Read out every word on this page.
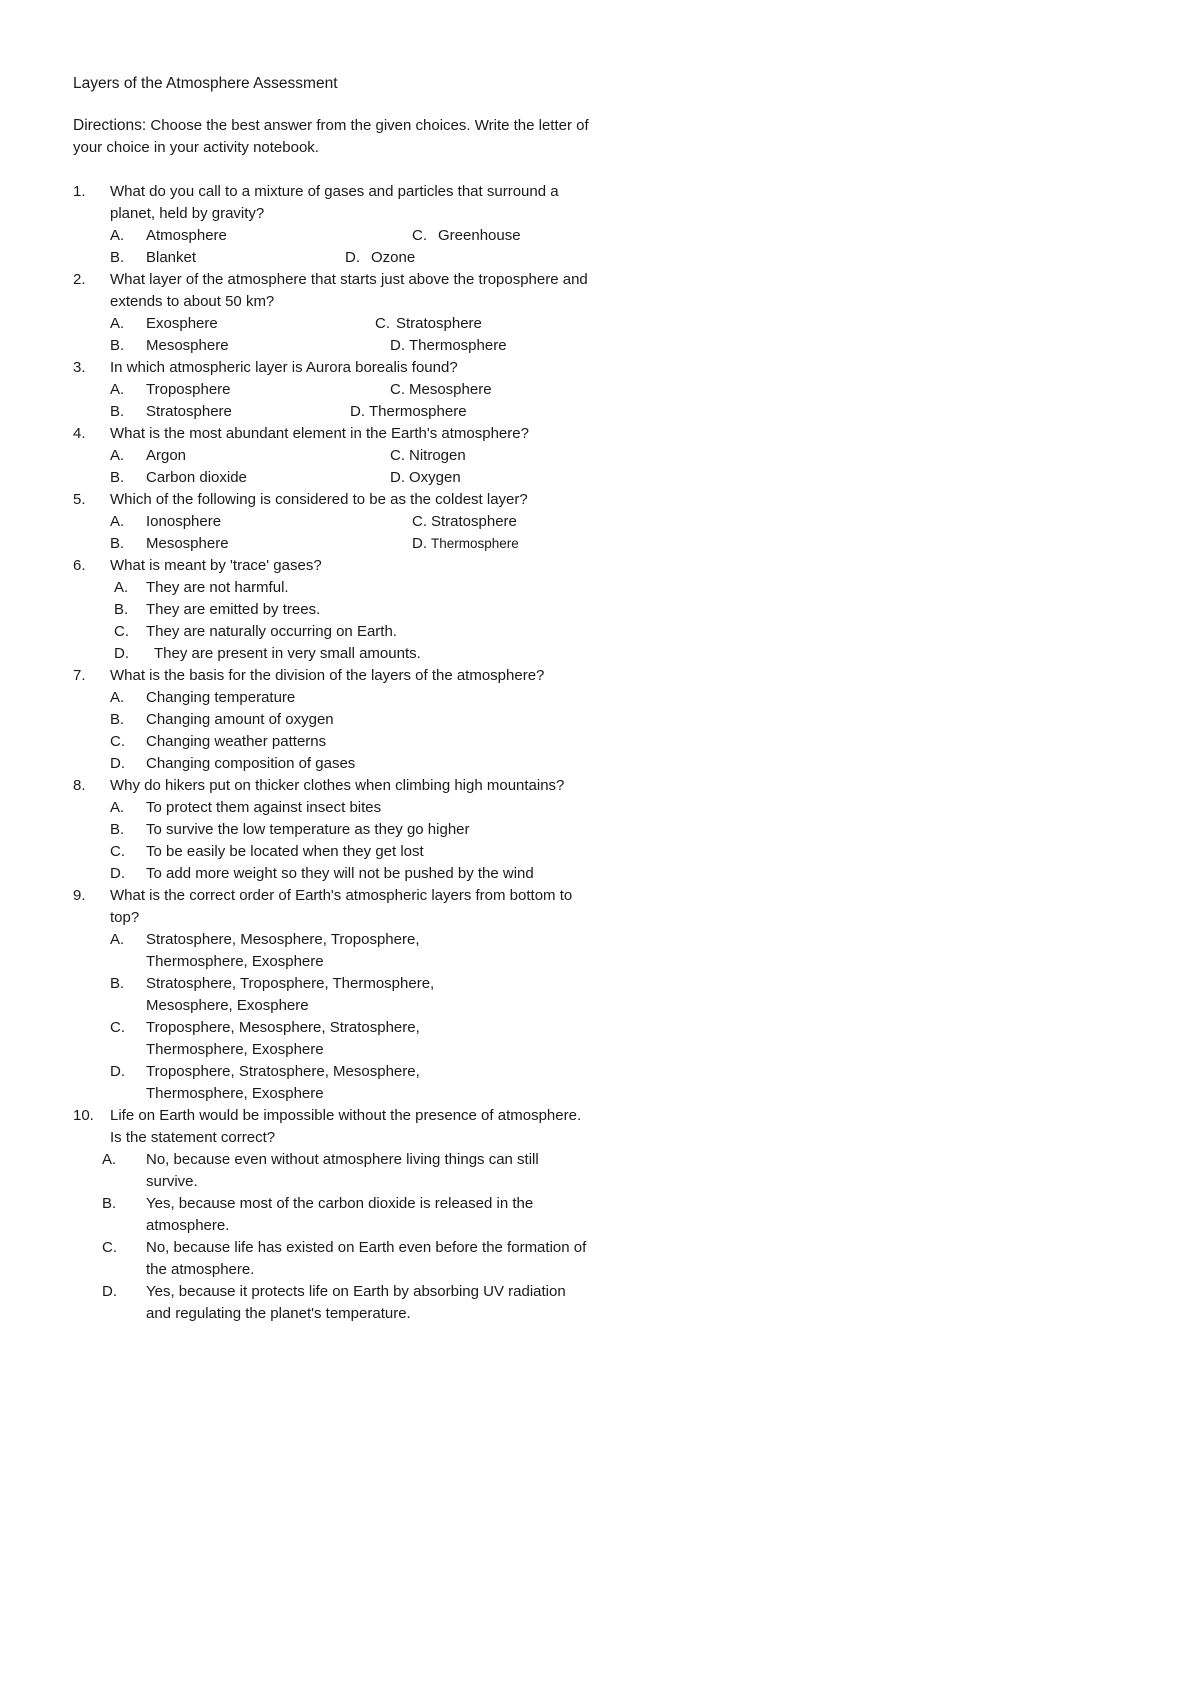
Layers of the Atmosphere Assessment
Directions: Choose the best answer from the given choices. Write the letter of your choice in your activity notebook.
1. What do you call to a mixture of gases and particles that surround a planet, held by gravity?
A. Atmosphere	C. Greenhouse
B. Blanket	D. Ozone
2. What layer of the atmosphere that starts just above the troposphere and extends to about 50 km?
A. Exosphere	C. Stratosphere
B. Mesosphere	D. Thermosphere
3. In which atmospheric layer is Aurora borealis found?
A. Troposphere	C. Mesosphere
B. Stratosphere	D. Thermosphere
4. What is the most abundant element in the Earth's atmosphere?
A. Argon	C. Nitrogen
B. Carbon dioxide	D. Oxygen
5. Which of the following is considered to be as the coldest layer?
A. Ionosphere	C. Stratosphere
B. Mesosphere	D. Thermosphere
6. What is meant by 'trace' gases?
A. They are not harmful.
B. They are emitted by trees.
C. They are naturally occurring on Earth.
D. They are present in very small amounts.
7. What is the basis for the division of the layers of the atmosphere?
A. Changing temperature
B. Changing amount of oxygen
C. Changing weather patterns
D. Changing composition of gases
8. Why do hikers put on thicker clothes when climbing high mountains?
A. To protect them against insect bites
B. To survive the low temperature as they go higher
C. To be easily be located when they get lost
D. To add more weight so they will not be pushed by the wind
9. What is the correct order of Earth's atmospheric layers from bottom to top?
A. Stratosphere, Mesosphere, Troposphere, Thermosphere, Exosphere
B. Stratosphere, Troposphere, Thermosphere, Mesosphere, Exosphere
C. Troposphere, Mesosphere, Stratosphere, Thermosphere, Exosphere
D. Troposphere, Stratosphere, Mesosphere, Thermosphere, Exosphere
10. Life on Earth would be impossible without the presence of atmosphere. Is the statement correct?
A. No, because even without atmosphere living things can still survive.
B. Yes, because most of the carbon dioxide is released in the atmosphere.
C. No, because life has existed on Earth even before the formation of the atmosphere.
D. Yes, because it protects life on Earth by absorbing UV radiation and regulating the planet's temperature.
